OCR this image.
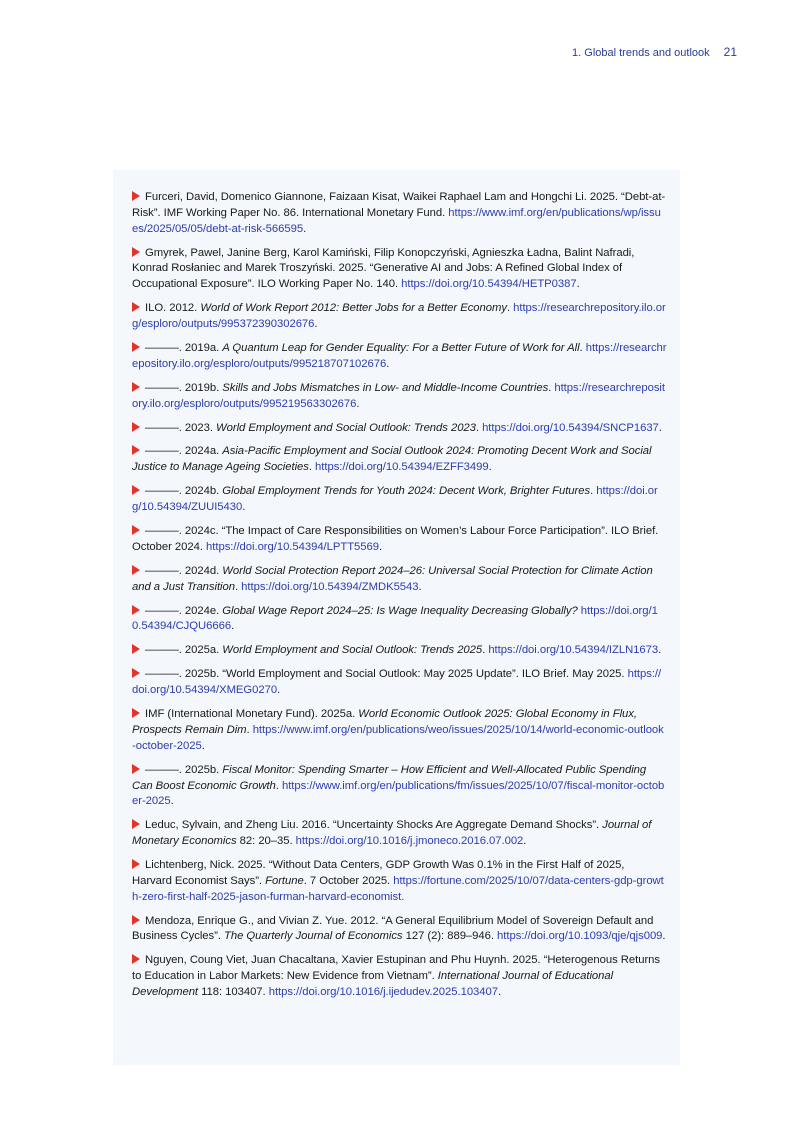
1. Global trends and outlook 21

Furceri, David, Domenico Giannone, Faizaan Kisat, Waikei Raphael Lam and Hongchi Li. 2025. “Debt-at-Risk”. IMF Working Paper No. 86. International Monetary Fund. https://www.imf.org/en/publications/wp/issues/2025/05/05/debt-at-risk-566595.

Gmyrek, Pawel, Janine Berg, Karol Kamiński, Filip Konopczyński, Agnieszka Ładna, Balint Nafradi, Konrad Rosłaniec and Marek Troszyński. 2025. “Generative AI and Jobs: A Refined Global Index of Occupational Exposure”. ILO Working Paper No. 140. https://doi.org/10.54394/HETP0387.

ILO. 2012. World of Work Report 2012: Better Jobs for a Better Economy. https://researchrepository.ilo.org/esploro/outputs/995372390302676.

———. 2019a. A Quantum Leap for Gender Equality: For a Better Future of Work for All. https://researchrepository.ilo.org/esploro/outputs/995218707102676.

———. 2019b. Skills and Jobs Mismatches in Low- and Middle-Income Countries. https://researchrepository.ilo.org/esploro/outputs/995219563302676.

———. 2023. World Employment and Social Outlook: Trends 2023. https://doi.org/10.54394/SNCP1637.

———. 2024a. Asia-Pacific Employment and Social Outlook 2024: Promoting Decent Work and Social Justice to Manage Ageing Societies. https://doi.org/10.54394/EZFF3499.

———. 2024b. Global Employment Trends for Youth 2024: Decent Work, Brighter Futures. https://doi.org/10.54394/ZUUI5430.

———. 2024c. “The Impact of Care Responsibilities on Women’s Labour Force Participation”. ILO Brief. October 2024. https://doi.org/10.54394/LPTT5569.

———. 2024d. World Social Protection Report 2024–26: Universal Social Protection for Climate Action and a Just Transition. https://doi.org/10.54394/ZMDK5543.

———. 2024e. Global Wage Report 2024–25: Is Wage Inequality Decreasing Globally? https://doi.org/10.54394/CJQU6666.

———. 2025a. World Employment and Social Outlook: Trends 2025. https://doi.org/10.54394/IZLN1673.

———. 2025b. “World Employment and Social Outlook: May 2025 Update”. ILO Brief. May 2025. https://doi.org/10.54394/XMEG0270.

IMF (International Monetary Fund). 2025a. World Economic Outlook 2025: Global Economy in Flux, Prospects Remain Dim. https://www.imf.org/en/publications/weo/issues/2025/10/14/world-economic-outlook-october-2025.

———. 2025b. Fiscal Monitor: Spending Smarter – How Efficient and Well-Allocated Public Spending Can Boost Economic Growth. https://www.imf.org/en/publications/fm/issues/2025/10/07/fiscal-monitor-october-2025.

Leduc, Sylvain, and Zheng Liu. 2016. “Uncertainty Shocks Are Aggregate Demand Shocks”. Journal of Monetary Economics 82: 20–35. https://doi.org/10.1016/j.jmoneco.2016.07.002.

Lichtenberg, Nick. 2025. “Without Data Centers, GDP Growth Was 0.1% in the First Half of 2025, Harvard Economist Says”. Fortune. 7 October 2025. https://fortune.com/2025/10/07/data-centers-gdp-growth-zero-first-half-2025-jason-furman-harvard-economist.

Mendoza, Enrique G., and Vivian Z. Yue. 2012. “A General Equilibrium Model of Sovereign Default and Business Cycles”. The Quarterly Journal of Economics 127 (2): 889–946. https://doi.org/10.1093/qje/qjs009.

Nguyen, Coung Viet, Juan Chacaltana, Xavier Estupinan and Phu Huynh. 2025. “Heterogenous Returns to Education in Labor Markets: New Evidence from Vietnam”. International Journal of Educational Development 118: 103407. https://doi.org/10.1016/j.ijedudev.2025.103407.
